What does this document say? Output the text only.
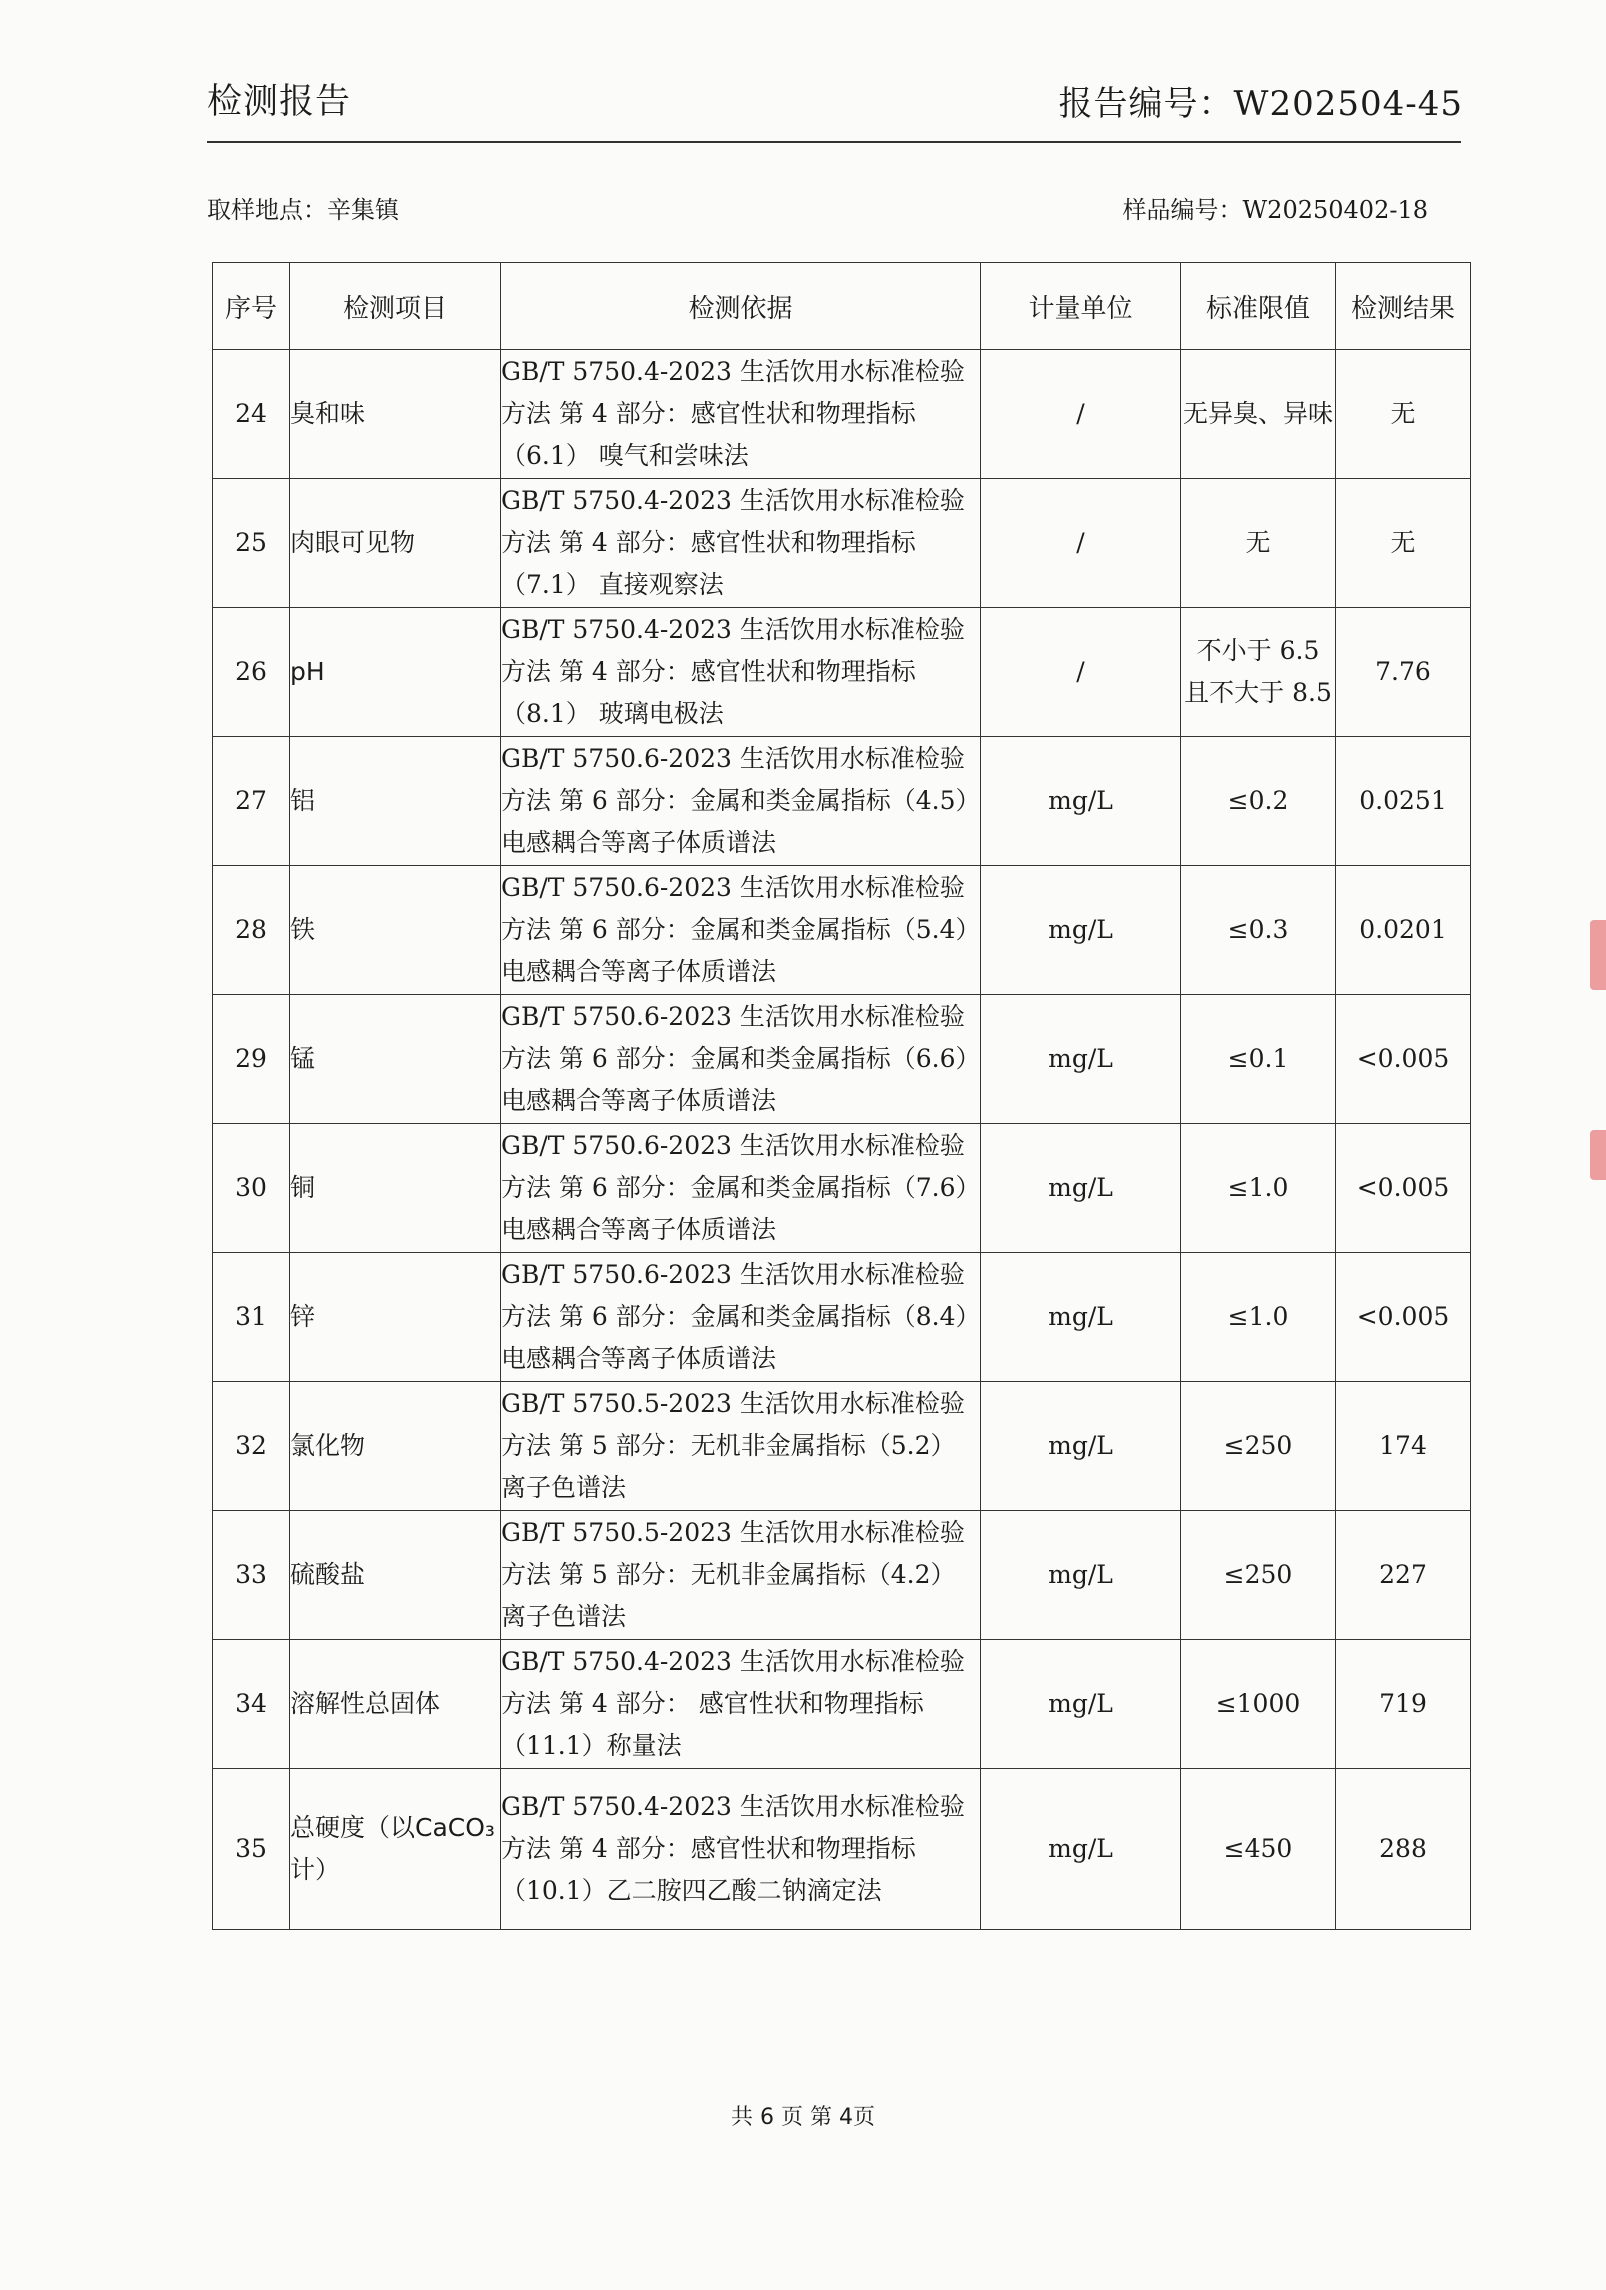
检测报告	报告编号：W202504-45
取样地点：辛集镇	样品编号：W20250402-18
序号	检测项目	检测依据	计量单位	标准限值	检测结果
24	臭和味	GB/T 5750.4-2023 生活饮用水标准检验方法 第 4 部分：感官性状和物理指标（6.1） 嗅气和尝味法	/	无异臭、异味	无
25	肉眼可见物	GB/T 5750.4-2023 生活饮用水标准检验方法 第 4 部分：感官性状和物理指标（7.1） 直接观察法	/	无	无
26	pH	GB/T 5750.4-2023 生活饮用水标准检验方法 第 4 部分：感官性状和物理指标（8.1） 玻璃电极法	/	不小于 6.5 且不大于 8.5	7.76
27	铝	GB/T 5750.6-2023 生活饮用水标准检验方法 第 6 部分：金属和类金属指标（4.5）电感耦合等离子体质谱法	mg/L	≤0.2	0.0251
28	铁	GB/T 5750.6-2023 生活饮用水标准检验方法 第 6 部分：金属和类金属指标（5.4）电感耦合等离子体质谱法	mg/L	≤0.3	0.0201
29	锰	GB/T 5750.6-2023 生活饮用水标准检验方法 第 6 部分：金属和类金属指标（6.6）电感耦合等离子体质谱法	mg/L	≤0.1	<0.005
30	铜	GB/T 5750.6-2023 生活饮用水标准检验方法 第 6 部分：金属和类金属指标（7.6）电感耦合等离子体质谱法	mg/L	≤1.0	<0.005
31	锌	GB/T 5750.6-2023 生活饮用水标准检验方法 第 6 部分：金属和类金属指标（8.4）电感耦合等离子体质谱法	mg/L	≤1.0	<0.005
32	氯化物	GB/T 5750.5-2023 生活饮用水标准检验方法 第 5 部分：无机非金属指标（5.2）离子色谱法	mg/L	≤250	174
33	硫酸盐	GB/T 5750.5-2023 生活饮用水标准检验方法 第 5 部分：无机非金属指标（4.2）离子色谱法	mg/L	≤250	227
34	溶解性总固体	GB/T 5750.4-2023 生活饮用水标准检验方法 第 4 部分： 感官性状和物理指标（11.1）称量法	mg/L	≤1000	719
35	总硬度（以CaCO₃计）	GB/T 5750.4-2023 生活饮用水标准检验方法 第 4 部分：感官性状和物理指标 （10.1）乙二胺四乙酸二钠滴定法	mg/L	≤450	288
共 6 页 第 4页
